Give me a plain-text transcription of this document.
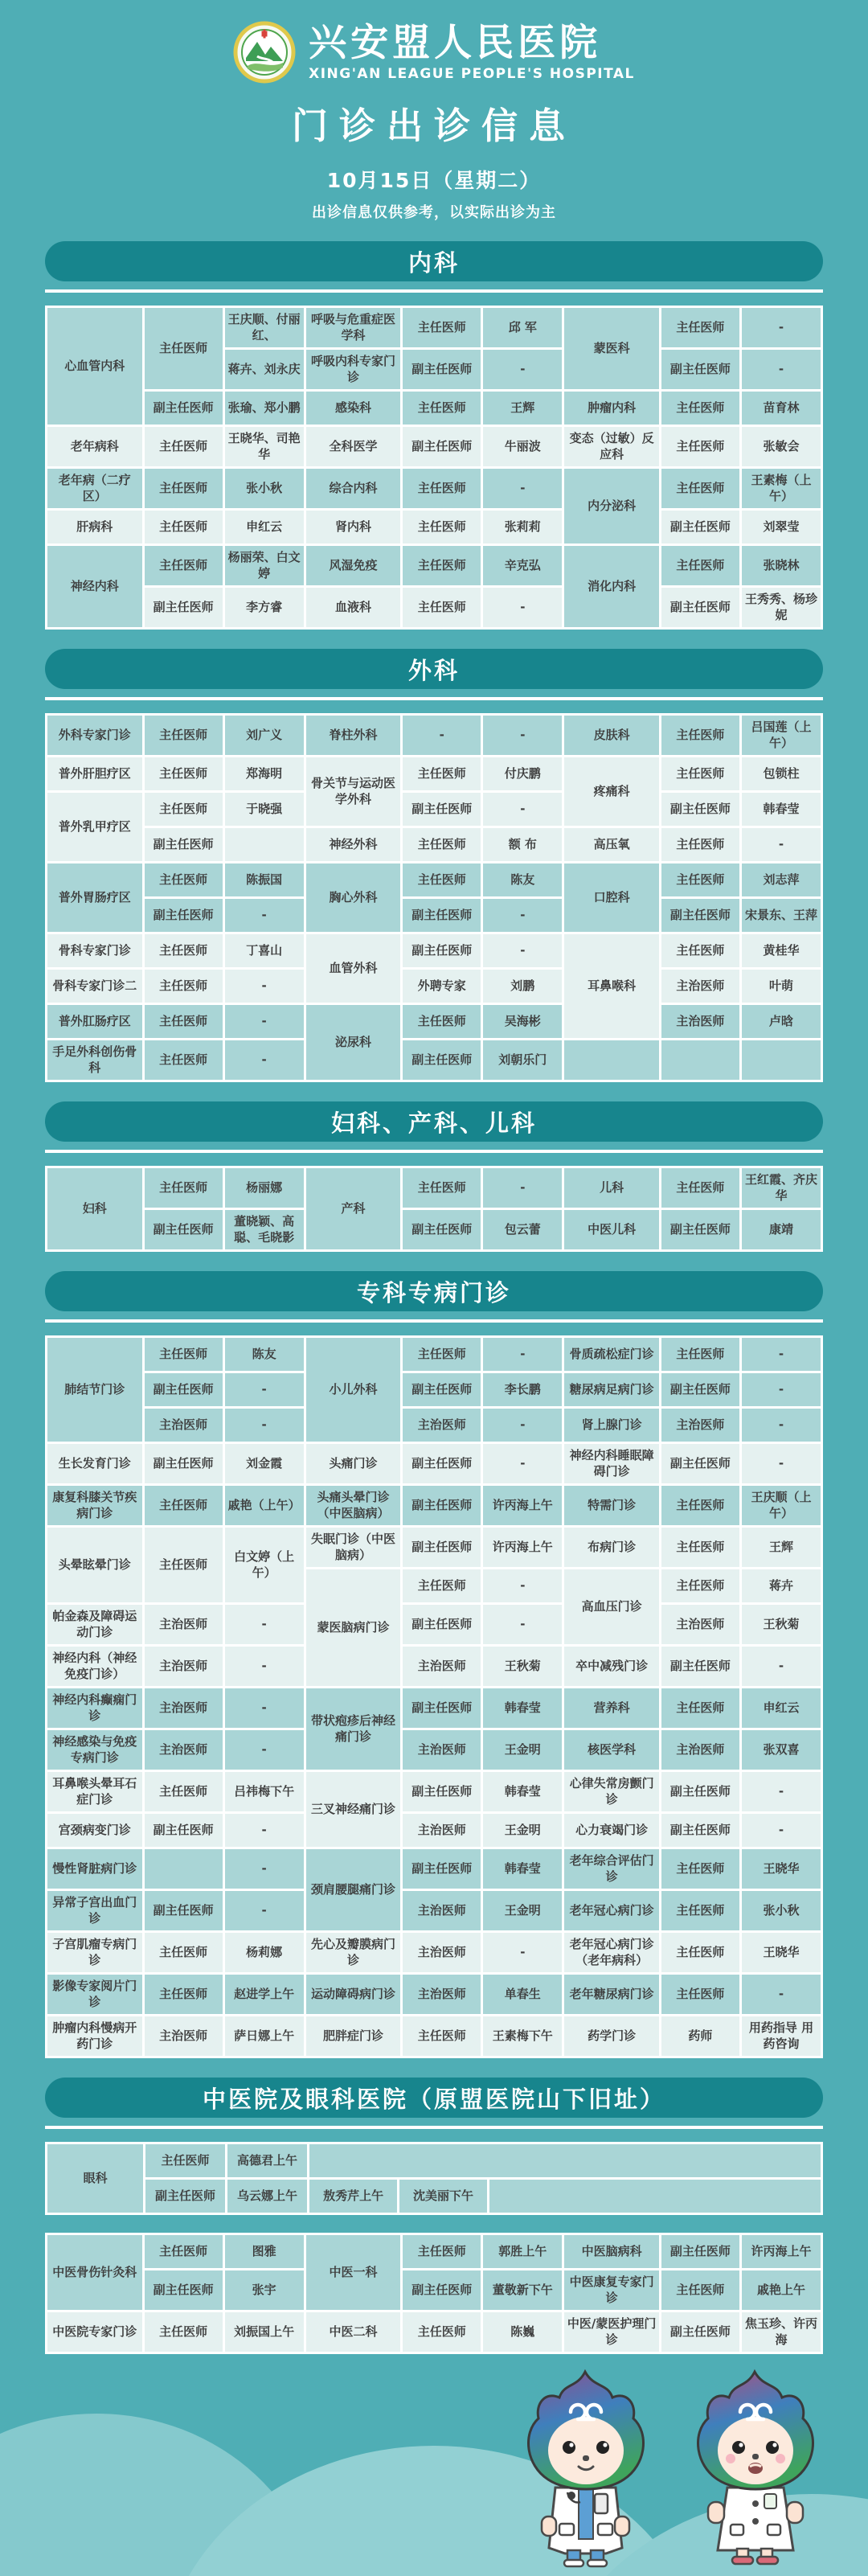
兴安盟人民医院
XING'AN LEAGUE PEOPLE'S HOSPITAL
门诊出诊信息
10月15日（星期二）
出诊信息仅供参考，以实际出诊为主
内科
心血管内科	主任医师	王庆顺、付丽红、	呼吸与危重症医学科	主任医师	邱 军	蒙医科	主任医师	-
		蒋卉、刘永庆	呼吸内科专家门诊	副主任医师	-		副主任医师	-
	副主任医师	张瑜、郑小鹏	感染科	主任医师	王辉	肿瘤内科	主任医师	苗育林
老年病科	主任医师	王晓华、司艳华	全科医学	副主任医师	牛丽波	变态（过敏）反应科	主任医师	张敏会
老年病（二疗区）	主任医师	张小秋	综合内科	主任医师	-	内分泌科	主任医师	王素梅（上午）
肝病科	主任医师	申红云	肾内科	主任医师	张莉莉		副主任医师	刘翠莹
神经内科	主任医师	杨丽荣、白文婷	风湿免疫	主任医师	辛克弘	消化内科	主任医师	张晓林
	副主任医师	李方睿	血液科	主任医师	-		副主任医师	王秀秀、杨珍妮
外科
外科专家门诊	主任医师	刘广义	脊柱外科	-	-	皮肤科	主任医师	吕国莲（上午）
普外肝胆疗区	主任医师	郑海明	骨关节与运动医学外科	主任医师	付庆鹏	疼痛科	主任医师	包锁柱
普外乳甲疗区	主任医师	于晓强		副主任医师	-		副主任医师	韩春莹
	副主任医师		神经外科	主任医师	额 布	高压氧	主任医师	-
普外胃肠疗区	主任医师	陈振国	胸心外科	主任医师	陈友	口腔科	主任医师	刘志萍
	副主任医师	-		副主任医师	-		副主任医师	宋景东、王萍
骨科专家门诊	主任医师	丁喜山	血管外科	副主任医师	-	耳鼻喉科	主任医师	黄桂华
骨科专家门诊二	主任医师	-		外聘专家	刘鹏		主治医师	叶萌
普外肛肠疗区	主任医师	-	泌尿科	主任医师	吴海彬		主治医师	卢晗
手足外科创伤骨科	主任医师	-		副主任医师	刘朝乐门			
妇科、产科、儿科
妇科	主任医师	杨丽娜	产科	主任医师	-	儿科	主任医师	王红霞、齐庆华
	副主任医师	董晓颖、高聪、毛晓影		副主任医师	包云蕾	中医儿科	副主任医师	康靖
专科专病门诊
肺结节门诊	主任医师	陈友	小儿外科	主任医师	-	骨质疏松症门诊	主任医师	-
	副主任医师	-		副主任医师	李长鹏	糖尿病足病门诊	副主任医师	-
	主治医师	-		主治医师	-	肾上腺门诊	主治医师	-
生长发育门诊	副主任医师	刘金霞	头痛门诊	副主任医师	-	神经内科睡眠障碍门诊	副主任医师	-
康复科膝关节疾病门诊	主任医师	戚艳（上午）	头痛头晕门诊（中医脑病）	副主任医师	许丙海上午	特需门诊	主任医师	王庆顺（上午）
头晕眩晕门诊	主任医师	白文婷（上午）	失眠门诊（中医脑病）	副主任医师	许丙海上午	布病门诊	主任医师	王辉
			蒙医脑病门诊	主任医师	-	高血压门诊	主任医师	蒋卉
帕金森及障碍运动门诊	主治医师	-		副主任医师	-		主治医师	王秋菊
神经内科（神经免疫门诊）	主治医师	-		主治医师	王秋菊	卒中减残门诊	副主任医师	-
神经内科癫痫门诊	主治医师	-	带状疱疹后神经痛门诊	副主任医师	韩春莹	营养科	主任医师	申红云
神经感染与免疫专病门诊	主治医师	-		主治医师	王金明	核医学科	主治医师	张双喜
耳鼻喉头晕耳石症门诊	主任医师	吕祎梅下午	三叉神经痛门诊	副主任医师	韩春莹	心律失常房颤门诊	副主任医师	-
宫颈病变门诊	副主任医师	-		主治医师	王金明	心力衰竭门诊	副主任医师	-
慢性肾脏病门诊		-	颈肩腰腿痛门诊	副主任医师	韩春莹	老年综合评估门诊	主任医师	王晓华
异常子宫出血门诊	副主任医师	-		主治医师	王金明	老年冠心病门诊	主任医师	张小秋
子宫肌瘤专病门诊	主任医师	杨莉娜	先心及瓣膜病门诊	主治医师	-	老年冠心病门诊（老年病科）	主任医师	王晓华
影像专家阅片门诊	主任医师	赵进学上午	运动障碍病门诊	主治医师	单春生	老年糖尿病门诊	主任医师	-
肿瘤内科慢病开药门诊	主治医师	萨日娜上午	肥胖症门诊	主任医师	王素梅下午	药学门诊	药师	用药指导 用药咨询
中医院及眼科医院（原盟医院山下旧址）
眼科	主任医师	高德君上午			
	副主任医师	乌云娜上午	敖秀芹上午	沈美丽下午	
中医骨伤针灸科	主任医师	图雅	中医一科	主任医师	郭胜上午	中医脑病科	副主任医师	许丙海上午
	副主任医师	张宇		副主任医师	董敬新下午	中医康复专家门诊	主任医师	戚艳上午
中医院专家门诊	主任医师	刘振国上午	中医二科	主任医师	陈巍	中医/蒙医护理门诊	副主任医师	焦玉珍、许丙海
